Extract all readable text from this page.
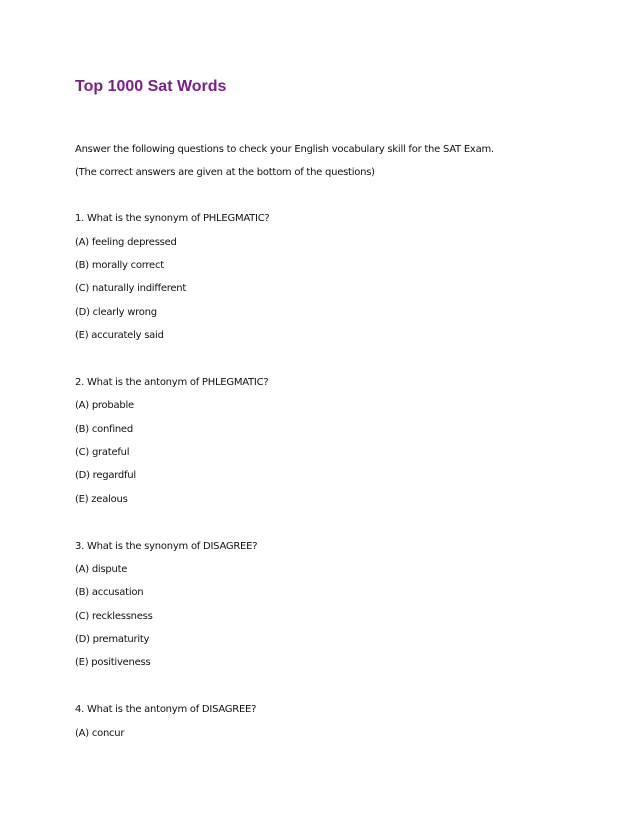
Top 1000 Sat Words

Answer the following questions to check your English vocabulary skill for the SAT Exam.

(The correct answers are given at the bottom of the questions)

1. What is the synonym of PHLEGMATIC?

(A) feeling depressed

(B) morally correct

(C) naturally indifferent

(D) clearly wrong

(E) accurately said

2. What is the antonym of PHLEGMATIC?

(A) probable

(B) confined

(C) grateful

(D) regardful

(E) zealous

3. What is the synonym of DISAGREE?

(A) dispute

(B) accusation

(C) recklessness

(D) prematurity

(E) positiveness

4. What is the antonym of DISAGREE?

(A) concur
